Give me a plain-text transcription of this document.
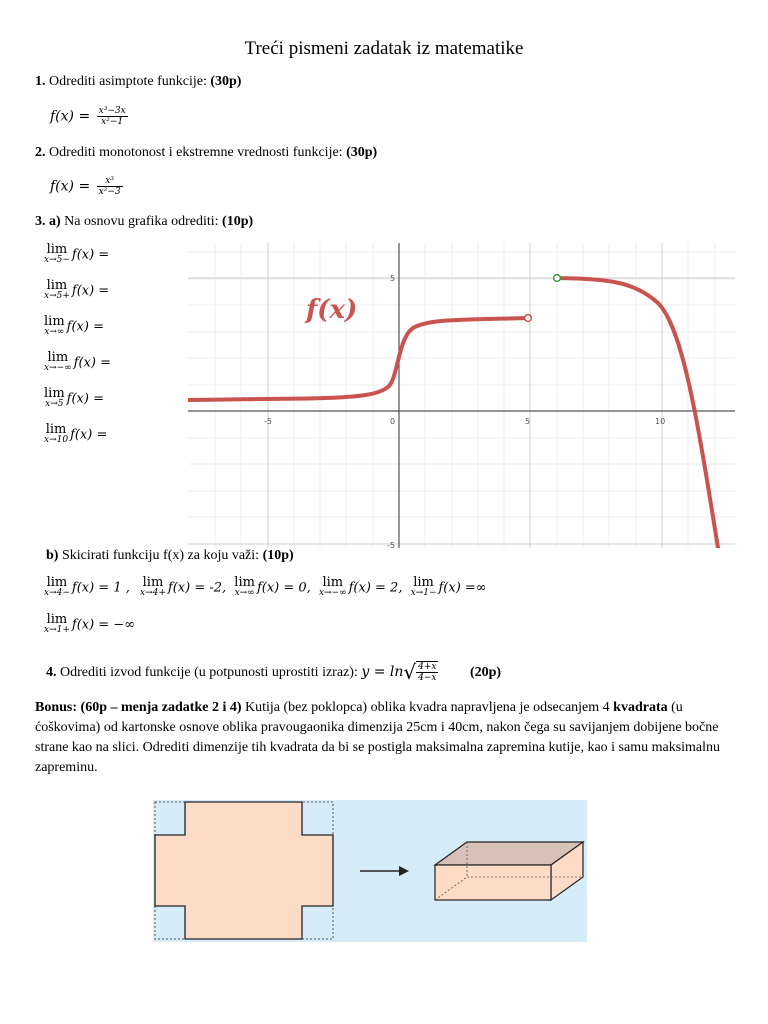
Treći pismeni zadatak iz matematike
1. Odrediti asimptote funkcije: (30p)
$f(x) = \frac{\text{x³−3x}}{\text{x²−1}}$
2. Odrediti monotonost i ekstremne vrednosti funkcije: (30p)
$f(x) = \frac{\text{x³}}{\text{x²−3}}$
3. a) Na osnovu grafika odrediti: (10p)
lim
x→5− f(x) =
lim
x→5+ f(x) =
lim
x→∞ f(x) =
lim
x→−∞ f(x) =
lim
x→5 f(x) =
lim
x→10 f(x) =
-5	0	5	10
5
-5
f(x)
b) Skicirati funkciju f(x) za koju važi: (10p)
lim
x→4− f(x) = 1 , lim
x→4+ f(x) = -2, lim
x→∞ f(x) = 0, lim
x→−∞ f(x) = 2, lim
x→1− f(x) =∞
lim
x→1+ f(x) = −∞
4. Odrediti izvod funkcije (u potpunosti uprostiti izraz): $y = \ln√ \frac{4+x}{4-x} (20p)$
Bonus: (60p – menja zadatke 2 i 4) Kutija (bez poklopca) oblika kvadra napravljena je odsecanjem 4 kvadrata (u ćoškovima) od kartonske osnove oblika pravougaonika dimenzija 25cm i 40cm, nakon čega su savijanjem dobijene bočne strane kao na slici. Odrediti dimenzije tih kvadrata da bi se postigla maksimalna zapremina kutije, kao i samu maksimalnu zapreminu.
